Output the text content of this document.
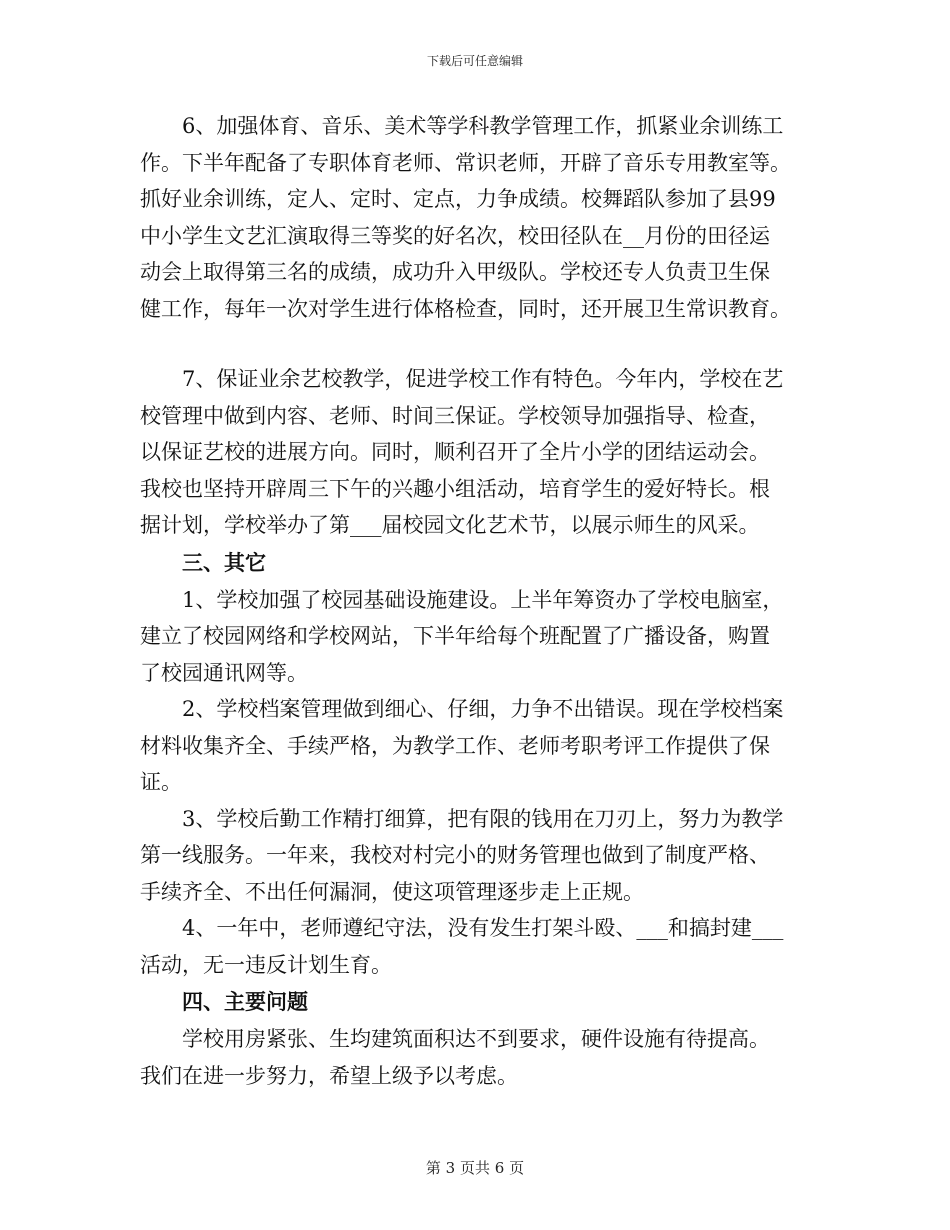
下载后可任意编辑

6、加强体育、音乐、美术等学科教学管理工作，抓紧业余训练工
作。下半年配备了专职体育老师、常识老师，开辟了音乐专用教室等。
抓好业余训练，定人、定时、定点，力争成绩。校舞蹈队参加了县99
中小学生文艺汇演取得三等奖的好名次，校田径队在__月份的田径运
动会上取得第三名的成绩，成功升入甲级队。学校还专人负责卫生保
健工作，每年一次对学生进行体格检查，同时，还开展卫生常识教育。

7、保证业余艺校教学，促进学校工作有特色。今年内，学校在艺
校管理中做到内容、老师、时间三保证。学校领导加强指导、检查，
以保证艺校的进展方向。同时，顺利召开了全片小学的团结运动会。
我校也坚持开辟周三下午的兴趣小组活动，培育学生的爱好特长。根
据计划，学校举办了第___届校园文化艺术节，以展示师生的风采。

三、其它

1、学校加强了校园基础设施建设。上半年筹资办了学校电脑室，
建立了校园网络和学校网站，下半年给每个班配置了广播设备，购置
了校园通讯网等。

2、学校档案管理做到细心、仔细，力争不出错误。现在学校档案
材料收集齐全、手续严格，为教学工作、老师考职考评工作提供了保
证。

3、学校后勤工作精打细算，把有限的钱用在刀刃上，努力为教学
第一线服务。一年来，我校对村完小的财务管理也做到了制度严格、
手续齐全、不出任何漏洞，使这项管理逐步走上正规。

4、一年中，老师遵纪守法，没有发生打架斗殴、___和搞封建___
活动，无一违反计划生育。

四、主要问题

学校用房紧张、生均建筑面积达不到要求，硬件设施有待提高。
我们在进一步努力，希望上级予以考虑。

第 3 页共 6 页
